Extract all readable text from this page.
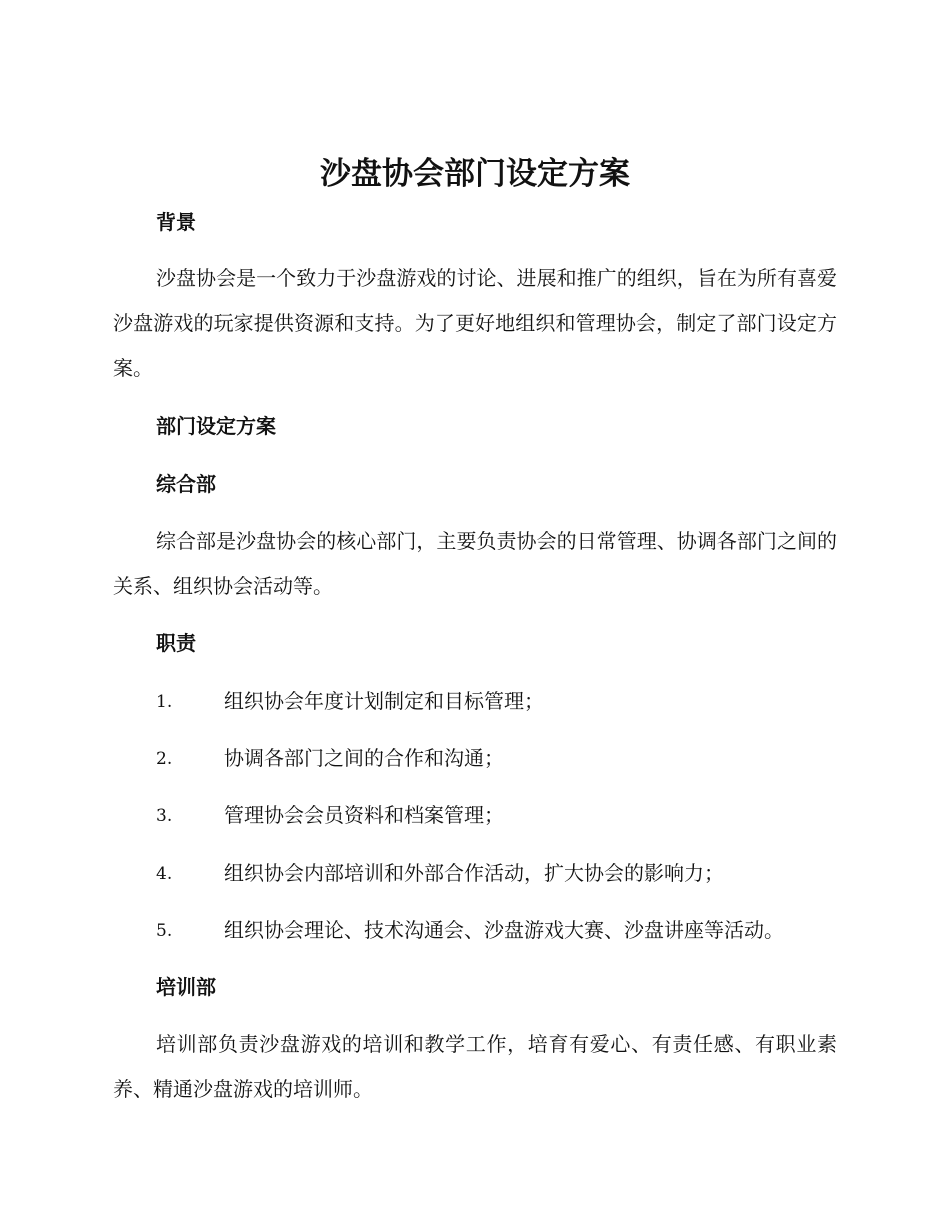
沙盘协会部门设定方案
背景

沙盘协会是一个致力于沙盘游戏的讨论、进展和推广的组织，旨在为所有喜爱沙盘游戏的玩家提供资源和支持。为了更好地组织和管理协会，制定了部门设定方案。

部门设定方案
综合部

综合部是沙盘协会的核心部门，主要负责协会的日常管理、协调各部门之间的关系、组织协会活动等。

职责
1.	组织协会年度计划制定和目标管理；
2.	协调各部门之间的合作和沟通；
3.	管理协会会员资料和档案管理；
4.	组织协会内部培训和外部合作活动，扩大协会的影响力；
5.	组织协会理论、技术沟通会、沙盘游戏大赛、沙盘讲座等活动。
培训部

培训部负责沙盘游戏的培训和教学工作，培育有爱心、有责任感、有职业素养、精通沙盘游戏的培训师。
